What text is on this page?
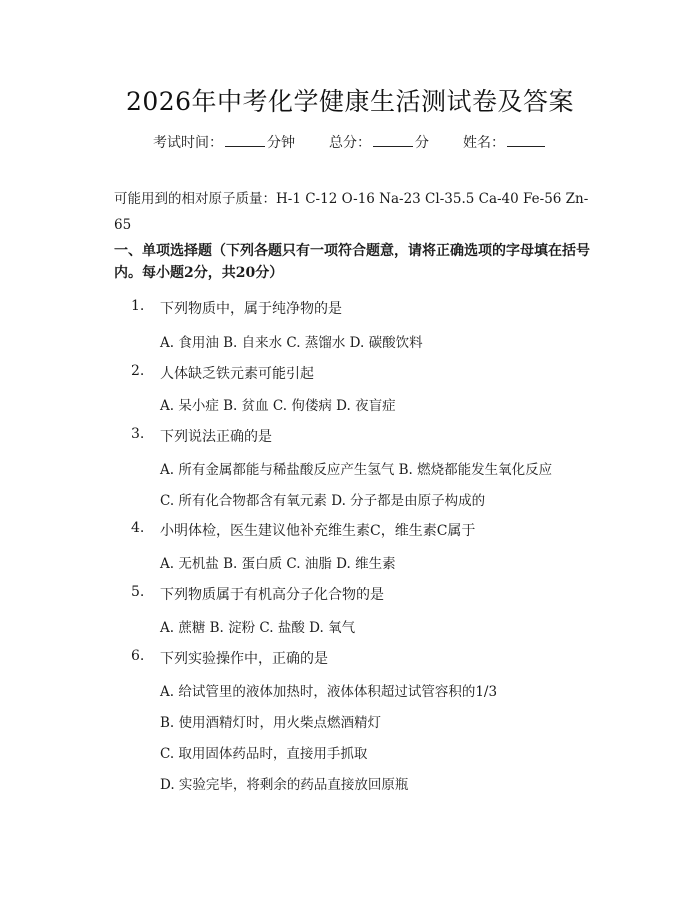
2026年中考化学健康生活测试卷及答案
考试时间：	分钟 总分：	分 姓名：
可能用到的相对原子质量：H-1 C-12 O-16 Na-23 Cl-35.5 Ca-40 Fe-56 Zn-65
一、单项选择题（下列各题只有一项符合题意，请将正确选项的字母填在括号内。每小题2分，共20分）
1.	下列物质中，属于纯净物的是
A. 食用油 B. 自来水 C. 蒸馏水 D. 碳酸饮料
2.	人体缺乏铁元素可能引起
A. 呆小症 B. 贫血 C. 佝偻病 D. 夜盲症
3.	下列说法正确的是
A. 所有金属都能与稀盐酸反应产生氢气 B. 燃烧都能发生氧化反应
C. 所有化合物都含有氧元素 D. 分子都是由原子构成的
4.	小明体检，医生建议他补充维生素C，维生素C属于
A. 无机盐 B. 蛋白质 C. 油脂 D. 维生素
5.	下列物质属于有机高分子化合物的是
A. 蔗糖 B. 淀粉 C. 盐酸 D. 氧气
6.	下列实验操作中，正确的是
A. 给试管里的液体加热时，液体体积超过试管容积的1/3
B. 使用酒精灯时，用火柴点燃酒精灯
C. 取用固体药品时，直接用手抓取
D. 实验完毕，将剩余的药品直接放回原瓶
